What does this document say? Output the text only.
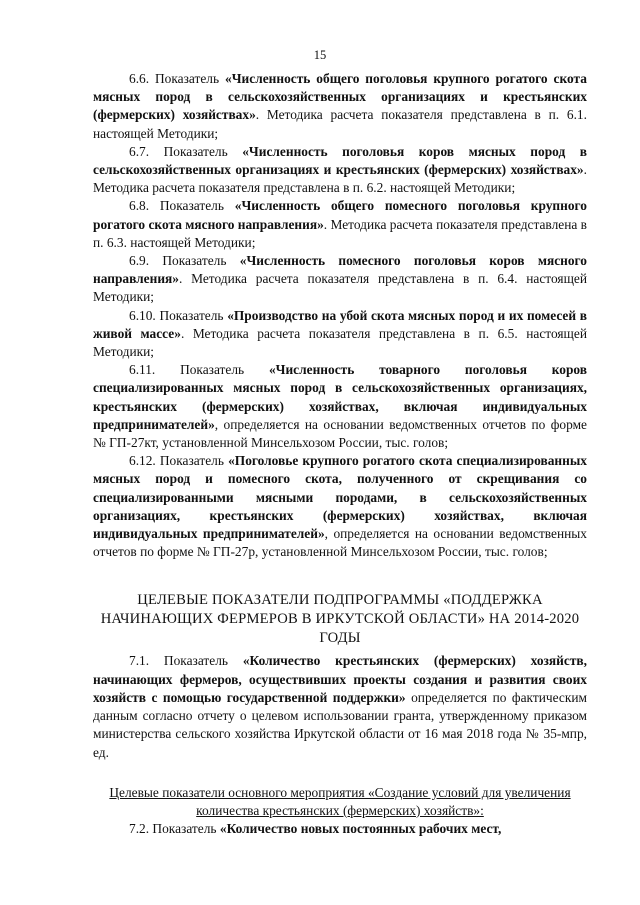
15

6.6. Показатель «Численность общего поголовья крупного рогатого скота мясных пород в сельскохозяйственных организациях и крестьянских (фермерских) хозяйствах». Методика расчета показателя представлена в п. 6.1. настоящей Методики;

6.7. Показатель «Численность поголовья коров мясных пород в сельскохозяйственных организациях и крестьянских (фермерских) хозяйствах». Методика расчета показателя представлена в п. 6.2. настоящей Методики;

6.8. Показатель «Численность общего помесного поголовья крупного рогатого скота мясного направления». Методика расчета показателя представлена в п. 6.3. настоящей Методики;

6.9. Показатель «Численность помесного поголовья коров мясного направления». Методика расчета показателя представлена в п. 6.4. настоящей Методики;

6.10. Показатель «Производство на убой скота мясных пород и их помесей в живой массе». Методика расчета показателя представлена в п. 6.5. настоящей Методики;

6.11. Показатель «Численность товарного поголовья коров специализированных мясных пород в сельскохозяйственных организациях, крестьянских (фермерских) хозяйствах, включая индивидуальных предпринимателей», определяется на основании ведомственных отчетов по форме № ГП-27кт, установленной Минсельхозом России, тыс. голов;

6.12. Показатель «Поголовье крупного рогатого скота специализированных мясных пород и помесного скота, полученного от скрещивания со специализированными мясными породами, в сельскохозяйственных организациях, крестьянских (фермерских) хозяйствах, включая индивидуальных предпринимателей», определяется на основании ведомственных отчетов по форме № ГП-27р, установленной Минсельхозом России, тыс. голов;

ЦЕЛЕВЫЕ ПОКАЗАТЕЛИ ПОДПРОГРАММЫ «ПОДДЕРЖКА НАЧИНАЮЩИХ ФЕРМЕРОВ В ИРКУТСКОЙ ОБЛАСТИ» НА 2014-2020 ГОДЫ

7.1. Показатель «Количество крестьянских (фермерских) хозяйств, начинающих фермеров, осуществивших проекты создания и развития своих хозяйств с помощью государственной поддержки» определяется по фактическим данным согласно отчету о целевом использовании гранта, утвержденному приказом министерства сельского хозяйства Иркутской области от 16 мая 2018 года № 35-мпр, ед.

Целевые показатели основного мероприятия «Создание условий для увеличения количества крестьянских (фермерских) хозяйств»:

7.2. Показатель «Количество новых постоянных рабочих мест,
